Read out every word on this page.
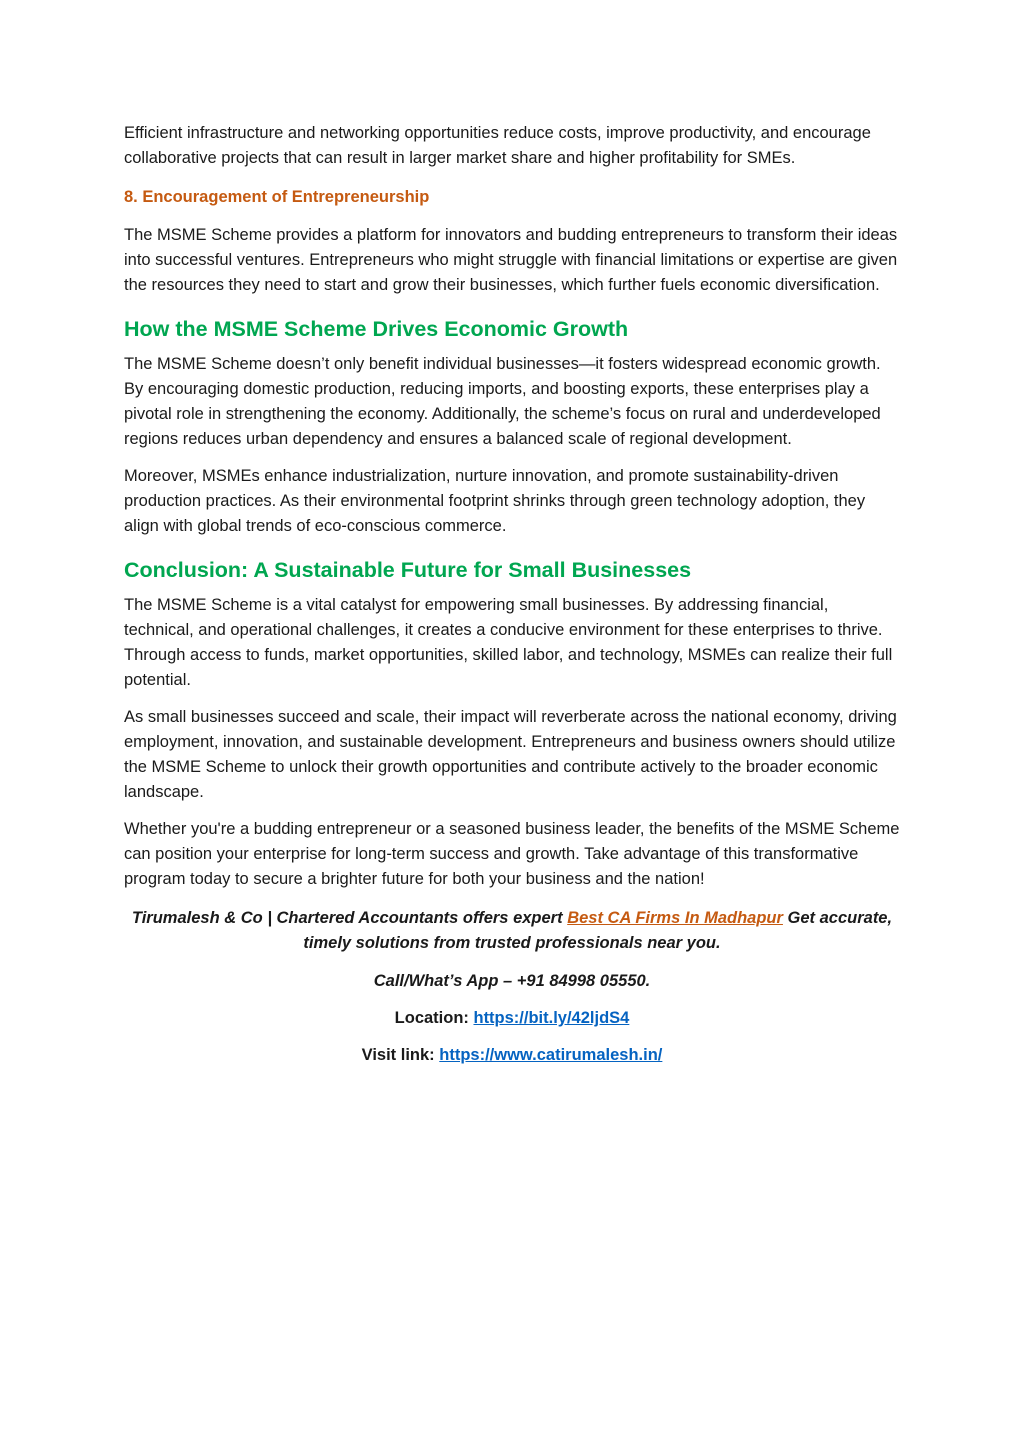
Efficient infrastructure and networking opportunities reduce costs, improve productivity, and encourage collaborative projects that can result in larger market share and higher profitability for SMEs.

8. Encouragement of Entrepreneurship

The MSME Scheme provides a platform for innovators and budding entrepreneurs to transform their ideas into successful ventures. Entrepreneurs who might struggle with financial limitations or expertise are given the resources they need to start and grow their businesses, which further fuels economic diversification.

How the MSME Scheme Drives Economic Growth

The MSME Scheme doesn’t only benefit individual businesses—it fosters widespread economic growth. By encouraging domestic production, reducing imports, and boosting exports, these enterprises play a pivotal role in strengthening the economy. Additionally, the scheme’s focus on rural and underdeveloped regions reduces urban dependency and ensures a balanced scale of regional development.

Moreover, MSMEs enhance industrialization, nurture innovation, and promote sustainability-driven production practices. As their environmental footprint shrinks through green technology adoption, they align with global trends of eco-conscious commerce.

Conclusion: A Sustainable Future for Small Businesses

The MSME Scheme is a vital catalyst for empowering small businesses. By addressing financial, technical, and operational challenges, it creates a conducive environment for these enterprises to thrive. Through access to funds, market opportunities, skilled labor, and technology, MSMEs can realize their full potential.

As small businesses succeed and scale, their impact will reverberate across the national economy, driving employment, innovation, and sustainable development. Entrepreneurs and business owners should utilize the MSME Scheme to unlock their growth opportunities and contribute actively to the broader economic landscape.

Whether you're a budding entrepreneur or a seasoned business leader, the benefits of the MSME Scheme can position your enterprise for long-term success and growth. Take advantage of this transformative program today to secure a brighter future for both your business and the nation!

Tirumalesh & Co | Chartered Accountants offers expert Best CA Firms In Madhapur Get accurate, timely solutions from trusted professionals near you.

Call/What’s App – +91 84998 05550.

Location: https://bit.ly/42ljdS4

Visit link: https://www.catirumalesh.in/
